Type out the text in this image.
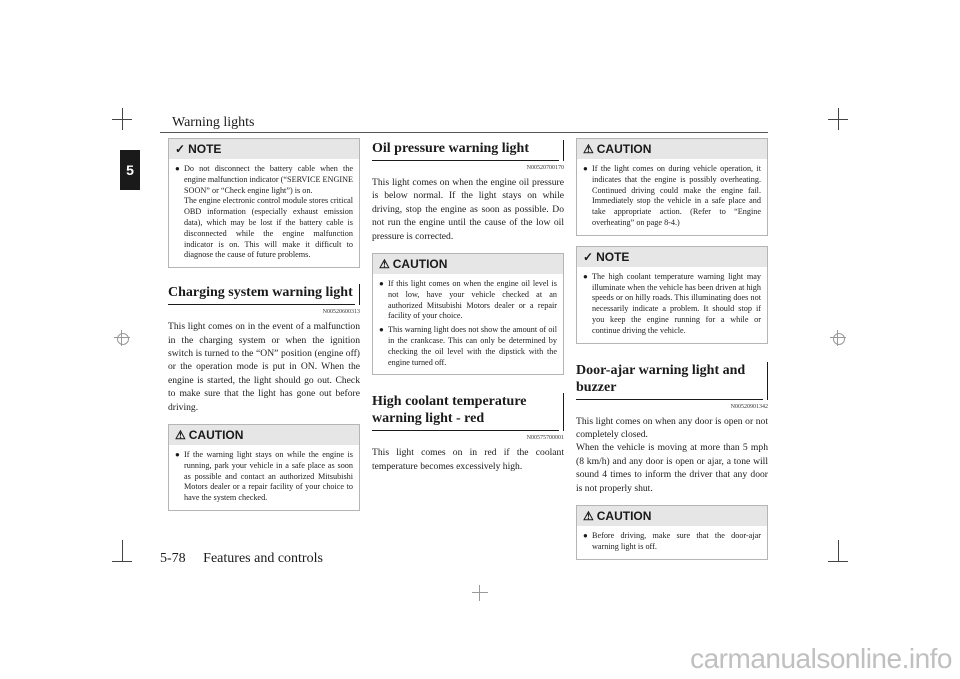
Warning lights
5
✓ NOTE
● Do not disconnect the battery cable when the engine malfunction indicator (“SERVICE ENGINE SOON” or “Check engine light”) is on.
The engine electronic control module stores critical OBD information (especially exhaust emission data), which may be lost if the battery cable is disconnected while the engine malfunction indicator is on. This will make it difficult to diagnose the cause of future problems.
Charging system warning light
N00520600313

This light comes on in the event of a malfunction in the charging system or when the ignition switch is turned to the “ON” position (engine off) or the operation mode is put in ON. When the engine is started, the light should go out. Check to make sure that the light has gone out before driving.

⚠ CAUTION
● If the warning light stays on while the engine is running, park your vehicle in a safe place as soon as possible and contact an authorized Mitsubishi Motors dealer or a repair facility of your choice to have the system checked.
Oil pressure warning light
N00520700170

This light comes on when the engine oil pressure is below normal. If the light stays on while driving, stop the engine as soon as possible. Do not run the engine until the cause of the low oil pressure is corrected.

⚠ CAUTION
● If this light comes on when the engine oil level is not low, have your vehicle checked at an authorized Mitsubishi Motors dealer or a repair facility of your choice.
● This warning light does not show the amount of oil in the crankcase. This can only be determined by checking the oil level with the dipstick with the engine turned off.
High coolant temperature warning light - red
N00575700001

This light comes on in red if the coolant temperature becomes excessively high.

⚠ CAUTION
● If the light comes on during vehicle operation, it indicates that the engine is possibly overheating. Continued driving could make the engine fail. Immediately stop the vehicle in a safe place and take appropriate action. (Refer to “Engine overheating” on page 8-4.)
✓ NOTE
● The high coolant temperature warning light may illuminate when the vehicle has been driven at high speeds or on hilly roads. This illuminating does not necessarily indicate a problem. It should stop if you keep the engine running for a while or continue driving the vehicle.
Door-ajar warning light and buzzer
N00520901342

This light comes on when any door is open or not completely closed.

When the vehicle is moving at more than 5 mph (8 km/h) and any door is open or ajar, a tone will sound 4 times to inform the driver that any door is not properly shut.

⚠ CAUTION
● Before driving, make sure that the door-ajar warning light is off.
5-78 Features and controls
carmanualsonline.info
